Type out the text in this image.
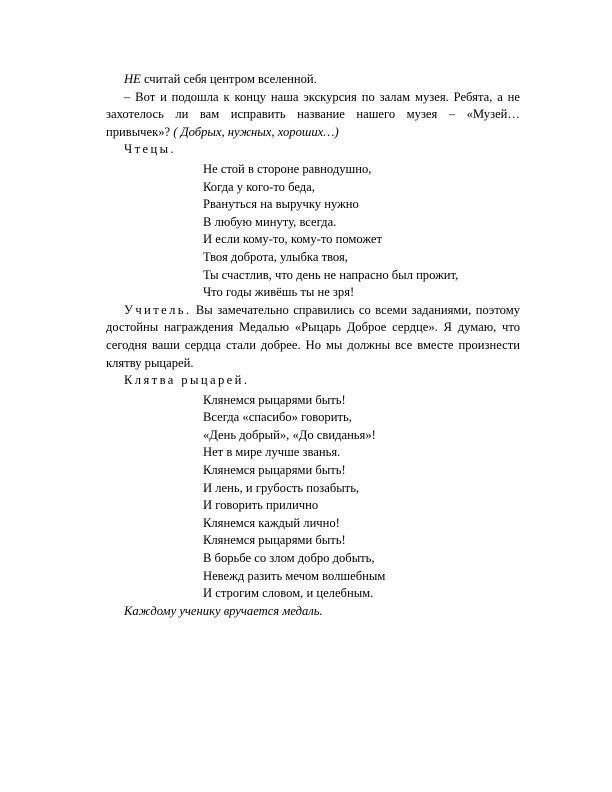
НЕ считай себя центром вселенной.

– Вот и подошла к концу наша экскурсия по залам музея. Ребята, а не захотелось ли вам исправить название нашего музея – «Музей… привычек»? ( Добрых, нужных, хороших…)

Чтецы.

Не стой в стороне равнодушно,
Когда у кого-то беда,
Рвануться на выручку нужно
В любую минуту, всегда.
И если кому-то, кому-то поможет
Твоя доброта, улыбка твоя,
Ты счастлив, что день не напрасно был прожит,
Что годы живёшь ты не зря!

Учитель. Вы замечательно справились со всеми заданиями, поэтому достойны награждения Медалью «Рыцарь Доброе сердце». Я думаю, что сегодня ваши сердца стали добрее. Но мы должны все вместе произнести клятву рыцарей.

Клятва рыцарей.

Клянемся рыцарями быть!
Всегда «спасибо» говорить,
«День добрый», «До свиданья»!
Нет в мире лучше званья.
Клянемся рыцарями быть!
И лень, и грубость позабыть,
И говорить прилично
Клянемся каждый лично!
Клянемся рыцарями быть!
В борьбе со злом добро добыть,
Невежд разить мечом волшебным
И строгим словом, и целебным.

Каждому ученику вручается медаль.
